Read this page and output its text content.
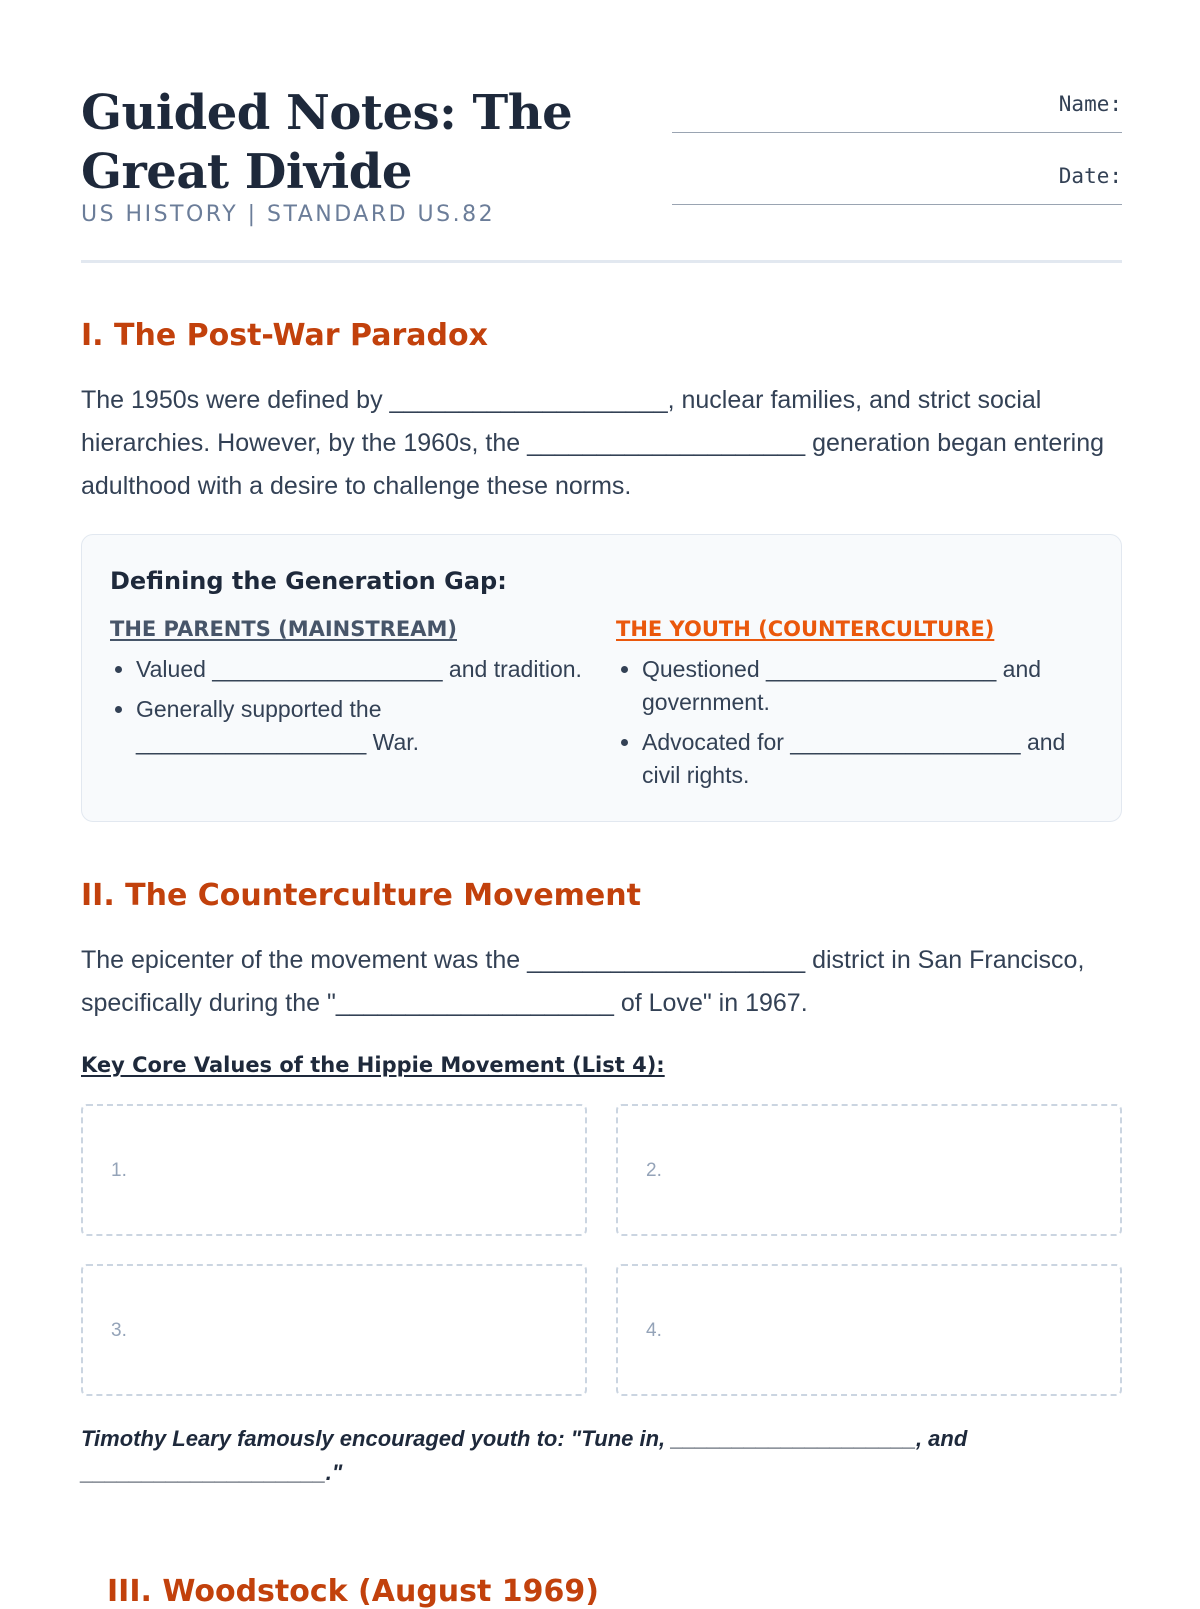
Guided Notes: The Great Divide
US HISTORY | STANDARD US.82
Name:
Date:
I. The Post-War Paradox

The 1950s were defined by ____________________, nuclear families, and strict social hierarchies. However, by the 1960s, the ____________________ generation began entering adulthood with a desire to challenge these norms.

Defining the Generation Gap:
THE PARENTS (MAINSTREAM)
• Valued __________________ and tradition.
• Generally supported the __________________ War.
THE YOUTH (COUNTERCULTURE)
• Questioned __________________ and government.
• Advocated for __________________ and civil rights.
II. The Counterculture Movement

The epicenter of the movement was the ____________________ district in San Francisco, specifically during the "____________________ of Love" in 1967.

Key Core Values of the Hippie Movement (List 4):
1.	2.
3.	4.

Timothy Leary famously encouraged youth to: "Tune in, ____________________, and ____________________."

III. Woodstock (August 1969)
